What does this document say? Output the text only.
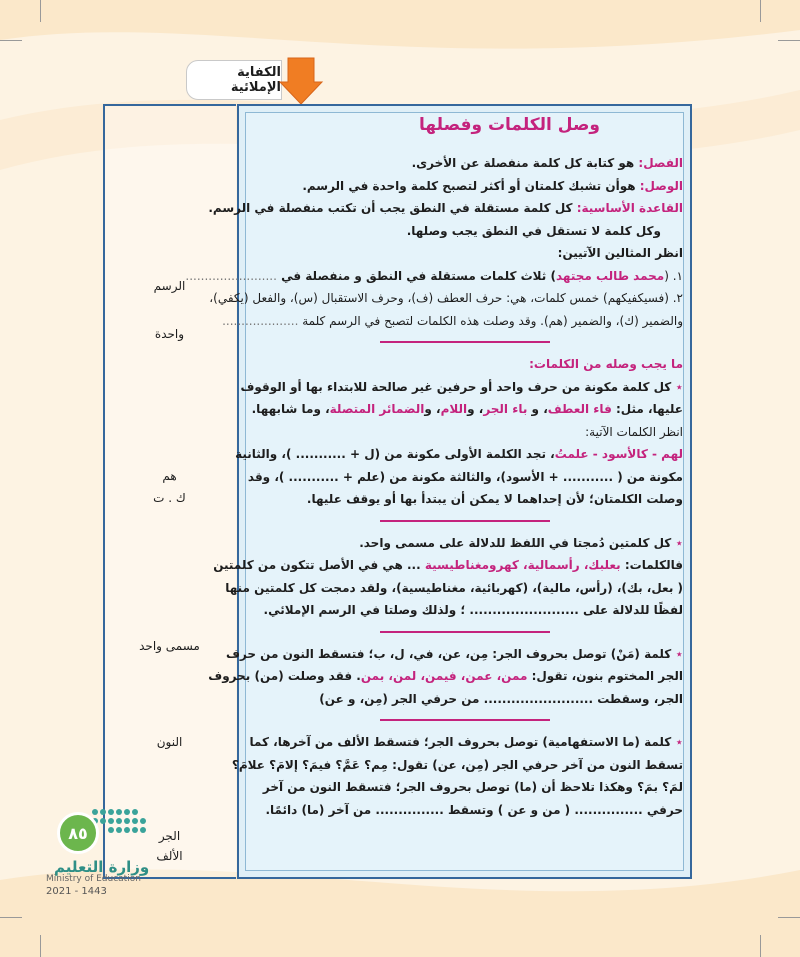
الكفاية الإملائية
الرسم
واحدة
هم
ك . ت
مسمى واحد
النون
الجر
الألف
وصل الكلمات وفصلها
الفصل: هو كتابة كل كلمة منفصلة عن الأخرى.
الوصل: هوأن تشبك كلمتان أو أكثر لتصبح كلمة واحدة في الرسم.
القاعدة الأساسية: كل كلمة مستقلة في النطق يجب أن تكتب منفصلة في الرسم.
وكل كلمة لا تستقل في النطق يجب وصلها.
انظر المثالين الآتيين:
١. (محمد طالب مجتهد) ثلاث كلمات مستقلة في النطق و منفصلة في ........................
٢. (فسيكفيكهم) خمس كلمات، هي: حرف العطف (ف)، وحرف الاستقبال (س)، والفعل (يكفي)،
والضمير (ك)، والضمير (هم). وقد وصلت هذه الكلمات لتصبح في الرسم كلمة ....................
ما يجب وصله من الكلمات:
⋆ كل كلمة مكونة من حرف واحد أو حرفين غير صالحة للابتداء بها أو الوقوف
عليها، مثل: فاء العطف، و باء الجر، واللام، والضمائر المتصلة، وما شابهها.
انظر الكلمات الآتية:
لهم - كالأسود - علمتُ، تجد الكلمة الأولى مكونة من (ل + ........... )، والثانية
مكونة من ( ........... + الأسود)، والثالثة مكونة من (علم + ........... )، وقد
وصلت الكلمتان؛ لأن إحداهما لا يمكن أن يبتدأ بها أو يوقف عليها.
⋆ كل كلمتين دُمجتا في اللفظ للدلالة على مسمى واحد.
فالكلمات: بعلبك، رأسمالية، كهرومغناطيسية ... هي في الأصل تتكون من كلمتين
( بعل، بك)، (رأس، مالية)، (كهربائية، مغناطيسية)، ولقد دمجت كل كلمتين منها
لفظًا للدلالة على ........................ ؛ ولذلك وصلتا في الرسم الإملائي.
⋆ كلمة (مَنْ) توصل بحروف الجر: مِن، عن، في، ل، ب؛ فتسقط النون من حرف
الجر المختوم بنون، تقول: ممن، عمن، فيمن، لمن، بمن. فقد وصلت (من) بحروف
الجر، وسقطت ........................ من حرفي الجر (مِن، و عن)
⋆ كلمة (ما الاستفهامية) توصل بحروف الجر؛ فتسقط الألف من آخرها، كما
تسقط النون من آخر حرفي الجر (مِن، عن) تقول: مِم؟ عَمَّ؟ فيمَ؟ إلامَ؟ علامَ؟
لمَ؟ بمَ؟ وهكذا تلاحظ أن (ما) توصل بحروف الجر؛ فتسقط النون من آخر
حرفي ............... ( من و عن ) وتسقط ............... من آخر (ما) دائمًا.
وزارة التعليم
Ministry of Education
2021 - 1443
٨٥
